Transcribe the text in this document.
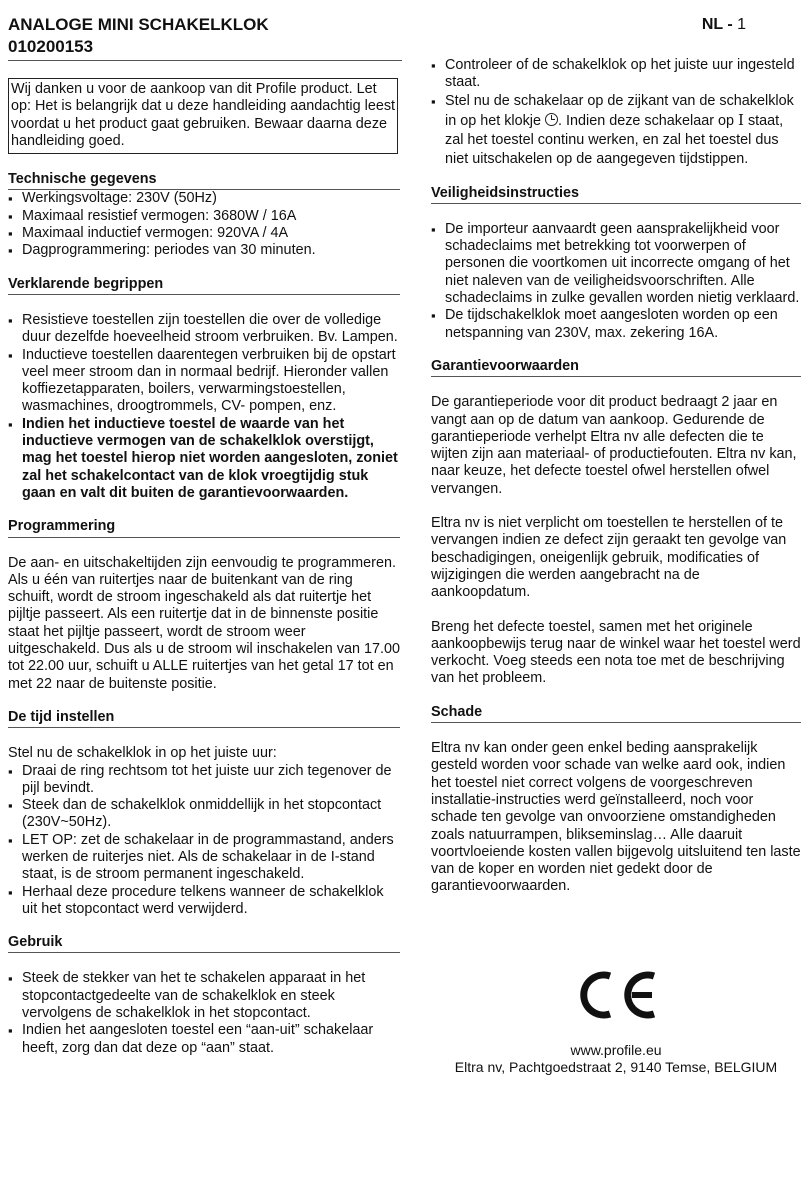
ANALOGE MINI SCHAKELKLOK
010200153
NL - 1
Wij danken u voor de aankoop van dit Profile product. Let op: Het is belangrijk dat u deze handleiding aandachtig leest voordat u het product gaat gebruiken. Bewaar daarna deze handleiding goed.
Technische gegevens
▪ Werkingsvoltage: 230V (50Hz)
▪ Maximaal resistief vermogen: 3680W / 16A
▪ Maximaal inductief vermogen: 920VA / 4A
▪ Dagprogrammering: periodes van 30 minuten.
Verklarende begrippen
▪ Resistieve toestellen zijn toestellen die over de volledige duur dezelfde hoeveelheid stroom verbruiken. Bv. Lampen.
▪ Inductieve toestellen daarentegen verbruiken bij de opstart veel meer stroom dan in normaal bedrijf. Hieronder vallen koffiezetapparaten, boilers, verwarmingstoestellen, wasmachines, droogtrommels, CV- pompen, enz.
▪ Indien het inductieve toestel de waarde van het inductieve vermogen van de schakelklok overstijgt, mag het toestel hierop niet worden aangesloten, zoniet zal het schakelcontact van de klok vroegtijdig stuk gaan en valt dit buiten de garantievoorwaarden.
Programmering

De aan- en uitschakeltijden zijn eenvoudig te programmeren. Als u één van ruitertjes naar de buitenkant van de ring schuift, wordt de stroom ingeschakeld als dat ruitertje het pijltje passeert. Als een ruitertje dat in de binnenste positie staat het pijltje passeert, wordt de stroom weer uitgeschakeld. Dus als u de stroom wil inschakelen van 17.00 tot 22.00 uur, schuift u ALLE ruitertjes van het getal 17 tot en met 22 naar de buitenste positie.

De tijd instellen

Stel nu de schakelklok in op het juiste uur:

▪ Draai de ring rechtsom tot het juiste uur zich tegenover de pijl bevindt.
▪ Steek dan de schakelklok onmiddellijk in het stopcontact (230V~50Hz).
▪ LET OP: zet de schakelaar in de programmastand, anders werken de ruiterjes niet. Als de schakelaar in de I-stand staat, is de stroom permanent ingeschakeld.
▪ Herhaal deze procedure telkens wanneer de schakelklok uit het stopcontact werd verwijderd.
Gebruik
▪ Steek de stekker van het te schakelen apparaat in het stopcontactgedeelte van de schakelklok en steek vervolgens de schakelklok in het stopcontact.
▪ Indien het aangesloten toestel een “aan-uit” schakelaar heeft, zorg dan dat deze op “aan” staat.
▪ Controleer of de schakelklok op het juiste uur ingesteld staat.
▪ Stel nu de schakelaar op de zijkant van de schakelklok in op het klokje . Indien deze schakelaar op I staat, zal het toestel continu werken, en zal het toestel dus niet uitschakelen op de aangegeven tijdstippen.
Veiligheidsinstructies
▪ De importeur aanvaardt geen aansprakelijkheid voor schadeclaims met betrekking tot voorwerpen of personen die voortkomen uit incorrecte omgang of het niet naleven van de veiligheidsvoorschriften. Alle schadeclaims in zulke gevallen worden nietig verklaard.
▪ De tijdschakelklok moet aangesloten worden op een netspanning van 230V, max. zekering 16A.
Garantievoorwaarden

De garantieperiode voor dit product bedraagt 2 jaar en vangt aan op de datum van aankoop. Gedurende de garantieperiode verhelpt Eltra nv alle defecten die te wijten zijn aan materiaal- of productiefouten. Eltra nv kan, naar keuze, het defecte toestel ofwel herstellen ofwel vervangen.

Eltra nv is niet verplicht om toestellen te herstellen of te vervangen indien ze defect zijn geraakt ten gevolge van beschadigingen, oneigenlijk gebruik, modificaties of wijzigingen die werden aangebracht na de aankoopdatum.

Breng het defecte toestel, samen met het originele aankoopbewijs terug naar de winkel waar het toestel werd verkocht. Voeg steeds een nota toe met de beschrijving van het probleem.

Schade

Eltra nv kan onder geen enkel beding aansprakelijk gesteld worden voor schade van welke aard ook, indien het toestel niet correct volgens de voorgeschreven installatie-instructies werd geïnstalleerd, noch voor schade ten gevolge van onvoorziene omstandigheden zoals natuurrampen, blikseminslag… Alle daaruit voortvloeiende kosten vallen bijgevolg uitsluitend ten laste van de koper en worden niet gedekt door de garantievoorwaarden.

www.profile.eu
Eltra nv, Pachtgoedstraat 2, 9140 Temse, BELGIUM
